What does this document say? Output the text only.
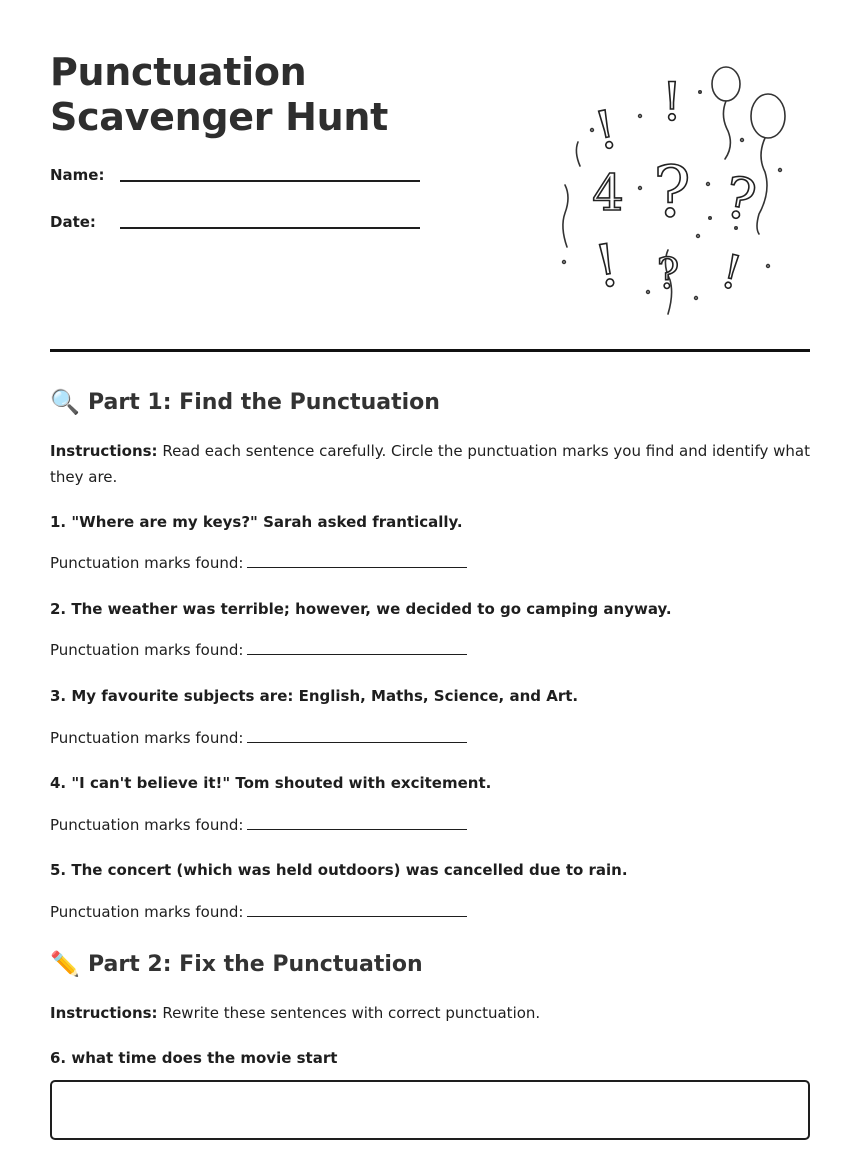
Punctuation Scavenger Hunt
Name:
Date:
! !
4 ? ?
! ? !
🔍 Part 1: Find the Punctuation

Instructions: Read each sentence carefully. Circle the punctuation marks you find and identify what they are.

1. "Where are my keys?" Sarah asked frantically.

Punctuation marks found:

2. The weather was terrible; however, we decided to go camping anyway.

Punctuation marks found:

3. My favourite subjects are: English, Maths, Science, and Art.

Punctuation marks found:

4. "I can't believe it!" Tom shouted with excitement.

Punctuation marks found:

5. The concert (which was held outdoors) was cancelled due to rain.

Punctuation marks found:

✏️ Part 2: Fix the Punctuation

Instructions: Rewrite these sentences with correct punctuation.

6. what time does the movie start
